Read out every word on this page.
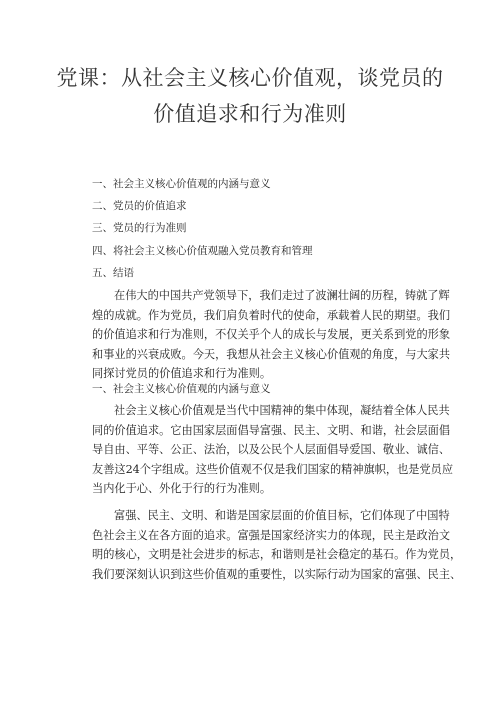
党课：从社会主义核心价值观，谈党员的
价值追求和行为准则
一、社会主义核心价值观的内涵与意义
二、党员的价值追求
三、党员的行为准则
四、将社会主义核心价值观融入党员教育和管理
五、结语
在伟大的中国共产党领导下，我们走过了波澜壮阔的历程，铸就了辉
煌的成就。作为党员，我们肩负着时代的使命，承载着人民的期望。我们
的价值追求和行为准则，不仅关乎个人的成长与发展，更关系到党的形象
和事业的兴衰成败。今天，我想从社会主义核心价值观的角度，与大家共
同探讨党员的价值追求和行为准则。
一、社会主义核心价值观的内涵与意义
社会主义核心价值观是当代中国精神的集中体现，凝结着全体人民共
同的价值追求。它由国家层面倡导富强、民主、文明、和谐，社会层面倡
导自由、平等、公正、法治，以及公民个人层面倡导爱国、敬业、诚信、
友善这24个字组成。这些价值观不仅是我们国家的精神旗帜，也是党员应
当内化于心、外化于行的行为准则。
富强、民主、文明、和谐是国家层面的价值目标，它们体现了中国特
色社会主义在各方面的追求。富强是国家经济实力的体现，民主是政治文
明的核心，文明是社会进步的标志，和谐则是社会稳定的基石。作为党员，
我们要深刻认识到这些价值观的重要性，以实际行动为国家的富强、民主、
